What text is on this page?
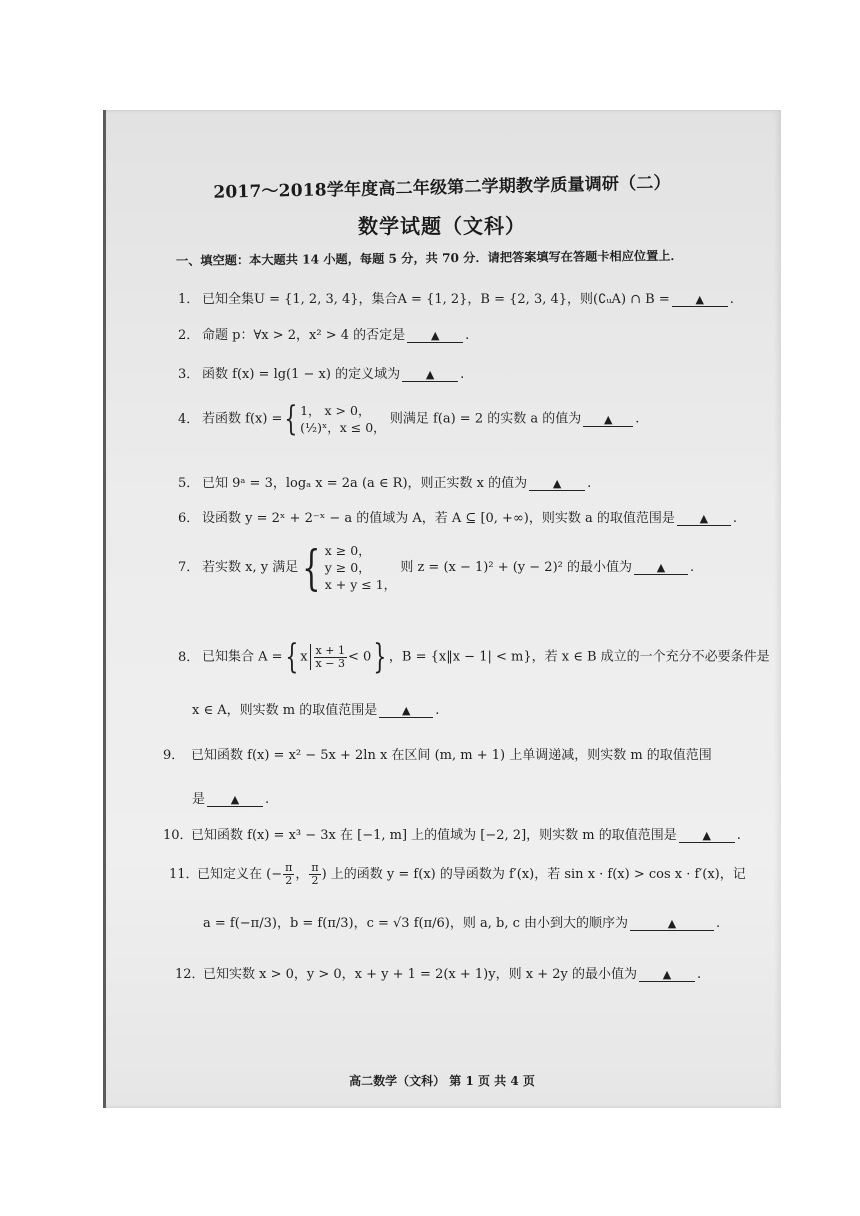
2017～2018学年度高二年级第二学期教学质量调研（二）
数学试题（文科）
一、填空题：本大题共 14 小题，每题 5 分，共 70 分．请把答案填写在答题卡相应位置上．
1． 已知全集U = {1, 2, 3, 4}，集合A = {1, 2}，B = {2, 3, 4}，则(∁ᵤA) ∩ B = ▲ .
2． 命题 p：∀x > 2，x² > 4 的否定是 ▲ .
3． 函数 f(x) = lg(1 − x) 的定义域为 ▲ .
4． 若函数 f(x) ={ 1， x > 0，
(½)ˣ，x ≤ 0， 则满足 f(a) = 2 的实数 a 的值为 ▲ .
5． 已知 9ᵃ = 3，logₐ x = 2a (a ∈ R)，则正实数 x 的值为 ▲ .
6． 设函数 y = 2ˣ + 2⁻ˣ − a 的值域为 A，若 A ⊆ [0, +∞)，则实数 a 的取值范围是 ▲ .
7． 若实数 x, y 满足{ x ≥ 0，
y ≥ 0，
x + y ≤ 1， 则 z = (x − 1)² + (y − 2)² 的最小值为 ▲ .
8． 已知集合 A ={ x $\frac{x + 1}{x - 3} < 0$} ，B = {x‖x − 1| < m}，若 x ∈ B 成立的一个充分不必要条件是
x ∈ A，则实数 m 的取值范围是 ▲ .
9． 已知函数 f(x) = x² − 5x + 2ln x 在区间 (m, m + 1) 上单调递减，则实数 m 的取值范围
是 ▲ .
10．已知函数 f(x) = x³ − 3x 在 [−1, m] 上的值域为 [−2, 2]，则实数 m 的取值范围是 ▲ .
11．已知定义在 (− $\frac{\pi}{2}$ ， $\frac{\pi}{2}$ ) 上的函数 y = f(x) 的导函数为 f′(x)，若 sin x · f(x) > cos x · f′(x)，记
a = f(−π/3)，b = f(π/3)，c = √3 f(π/6)，则 a, b, c 由小到大的顺序为	▲	.
12．已知实数 x > 0，y > 0，x + y + 1 = 2(x + 1)y，则 x + 2y 的最小值为 ▲ .
高二数学（文科） 第 1 页 共 4 页
